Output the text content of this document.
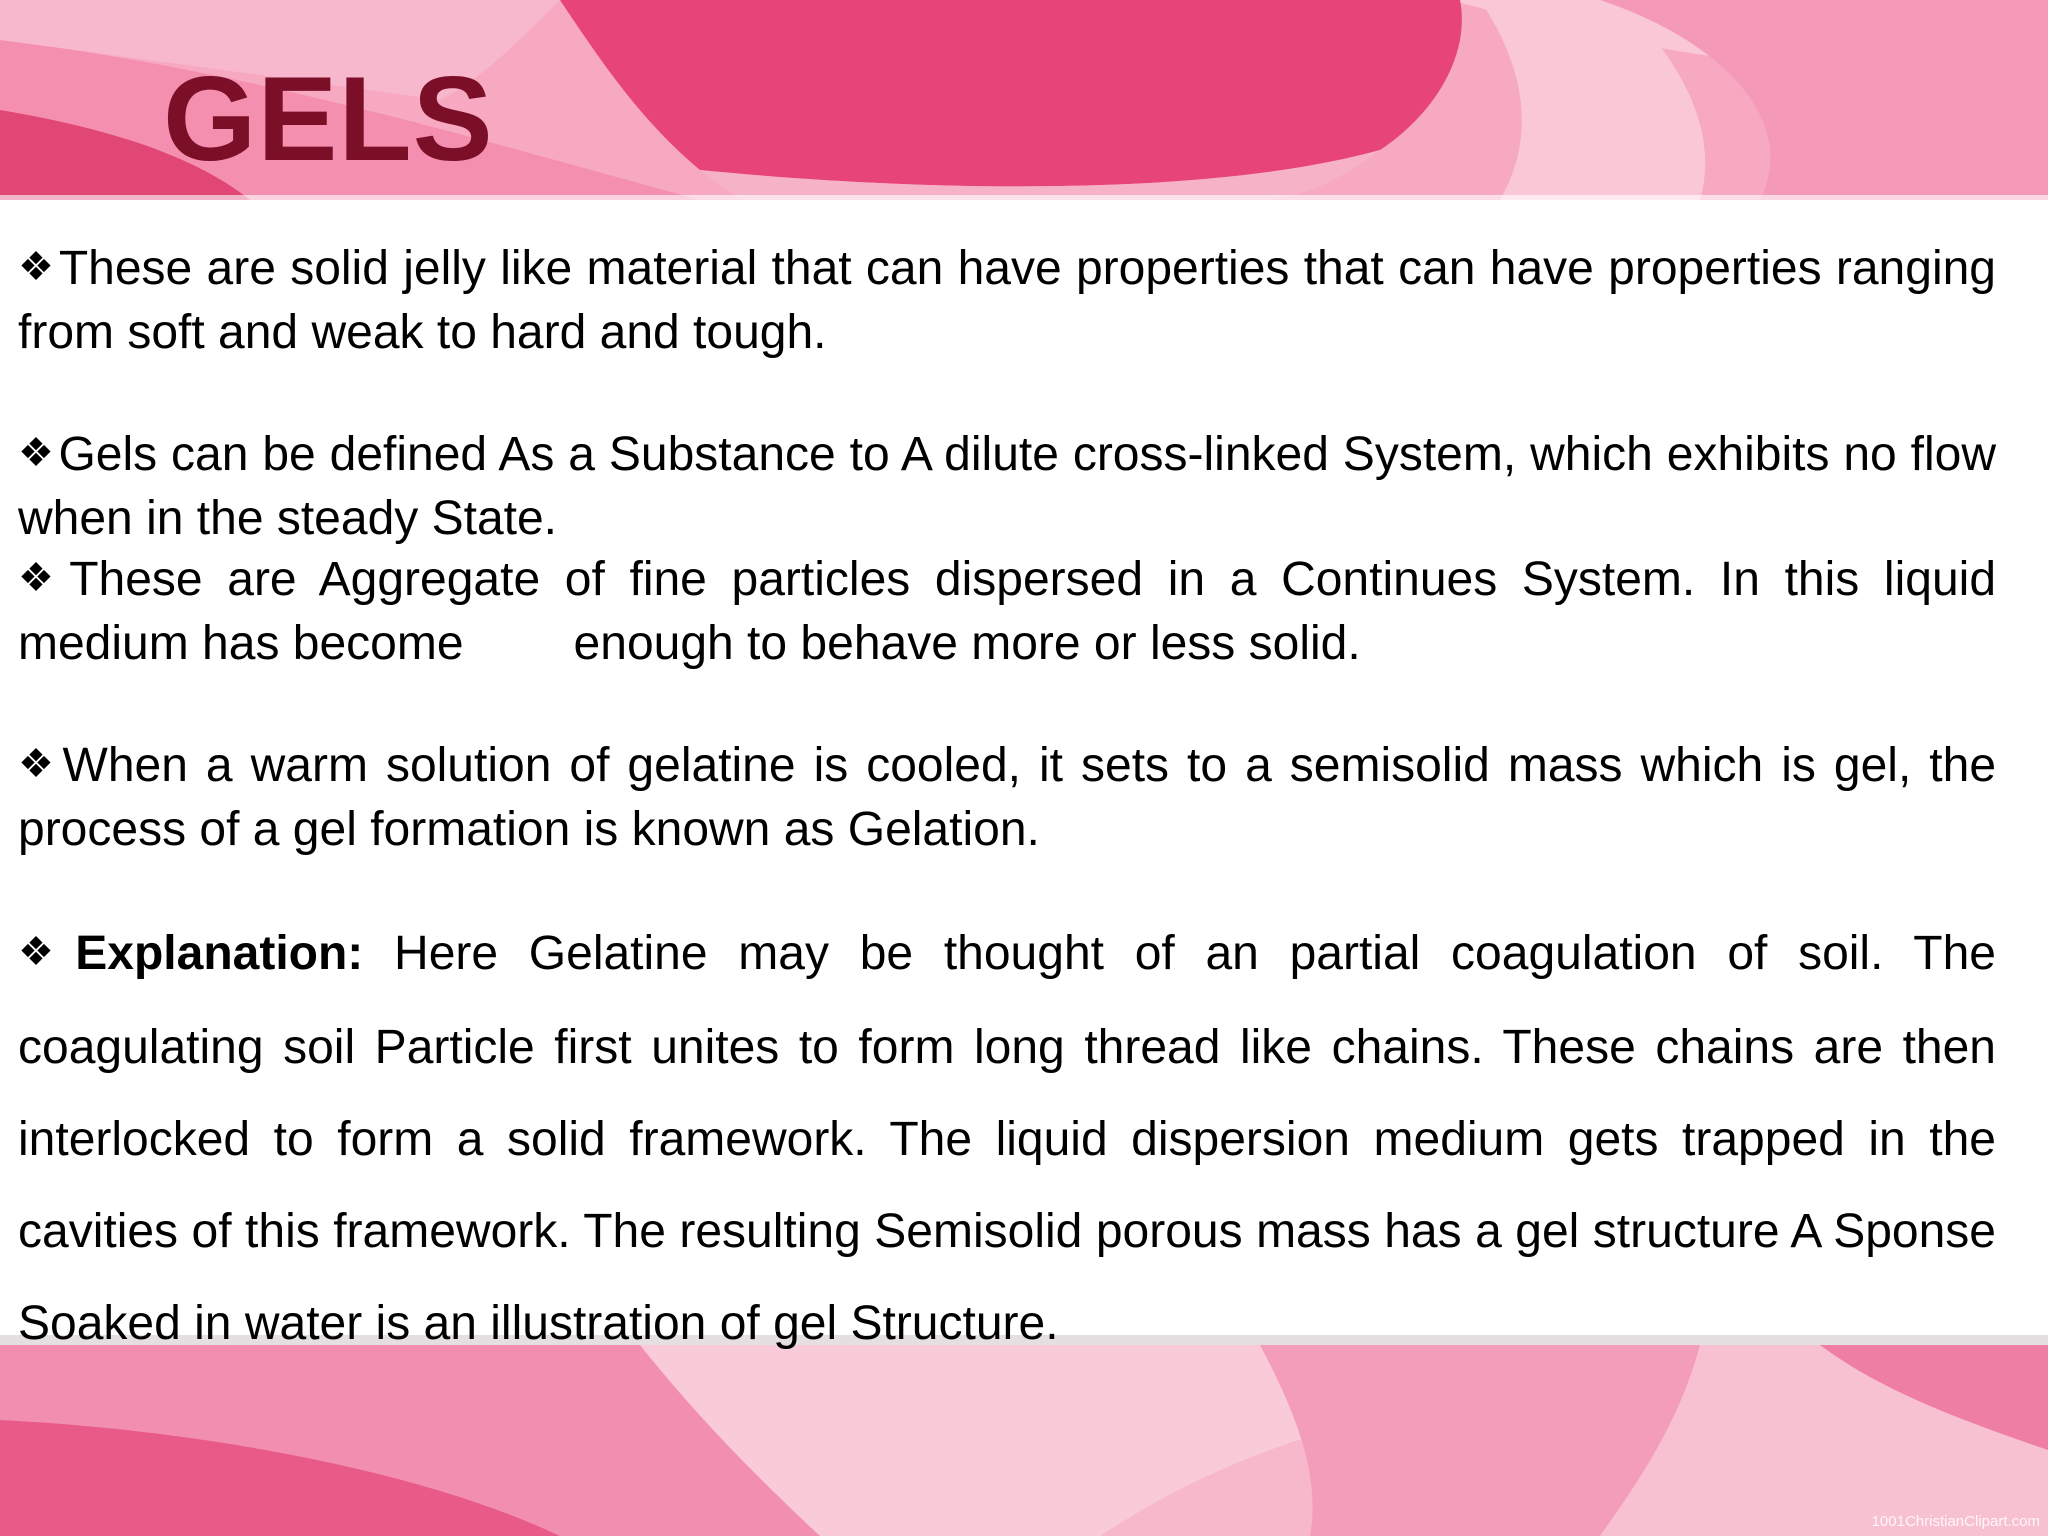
GELS

❖These are solid jelly like material that can have properties that can have properties ranging from soft and weak to hard and tough.

❖Gels can be defined As a Substance to A dilute cross-linked System, which exhibits no flow when in the steady State.

❖These are Aggregate of fine particles dispersed in a Continues System. In this liquid medium has become enough to behave more or less solid.

❖When a warm solution of gelatine is cooled, it sets to a semisolid mass which is gel, the process of a gel formation is known as Gelation.

❖Explanation: Here Gelatine may be thought of an partial coagulation of soil. The coagulating soil Particle first unites to form long thread like chains. These chains are then interlocked to form a solid framework. The liquid dispersion medium gets trapped in the cavities of this framework. The resulting Semisolid porous mass has a gel structure A Sponse Soaked in water is an illustration of gel Structure.

1001ChristianClipart.com
